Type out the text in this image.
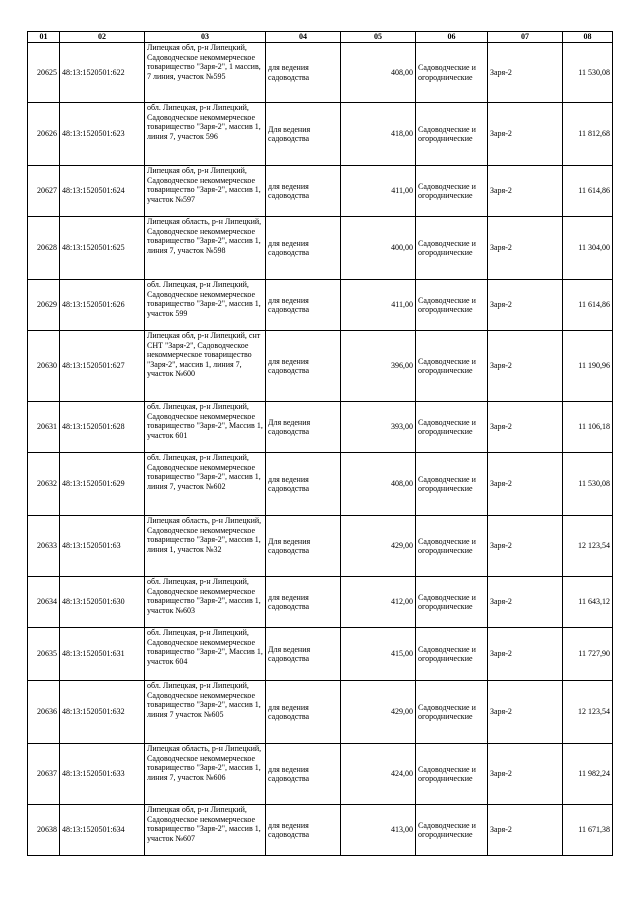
01	02	03	04	05	06	07	08
20625	48:13:1520501:622	Липецкая обл, р-н Липецкий, Садоводческое некоммерческое товарищество "Заря-2", 1 массив, 7 линия, участок №595	для ведения садоводства	408,00	Садоводческие и огороднические	Заря-2	11 530,08
20626	48:13:1520501:623	обл. Липецкая, р-н Липецкий, Садоводческое некоммерческое товарищество "Заря-2", массив 1, линия 7, участок 596	Для ведения садоводства	418,00	Садоводческие и огороднические	Заря-2	11 812,68
20627	48:13:1520501:624	Липецкая обл, р-н Липецкий, Садоводческое некоммерческое товарищество "Заря-2", массив 1, участок №597	для ведения садоводства	411,00	Садоводческие и огороднические	Заря-2	11 614,86
20628	48:13:1520501:625	Липецкая область, р-н Липецкий, Садоводческое некоммерческое товарищество "Заря-2", массив 1, линия 7, участок №598	для ведения садоводства	400,00	Садоводческие и огороднические	Заря-2	11 304,00
20629	48:13:1520501:626	обл. Липецкая, р-н Липецкий, Садоводческое некоммерческое товарищество "Заря-2", массив 1, участок 599	для ведения садоводства	411,00	Садоводческие и огороднические	Заря-2	11 614,86
20630	48:13:1520501:627	Липецкая обл, р-н Липецкий, снт СНТ "Заря-2", Садоводческое некоммерческое товарищество "Заря-2", массив 1, линия 7, участок №600	для ведения садоводства	396,00	Садоводческие и огороднические	Заря-2	11 190,96
20631	48:13:1520501:628	обл. Липецкая, р-н Липецкий, Садоводческое некоммерческое товарищество "Заря-2", Массив 1, участок 601	Для ведения садоводства	393,00	Садоводческие и огороднические	Заря-2	11 106,18
20632	48:13:1520501:629	обл. Липецкая, р-н Липецкий, Садоводческое некоммерческое товарищество "Заря-2", массив 1, линия 7, участок №602	для ведения садоводства	408,00	Садоводческие и огороднические	Заря-2	11 530,08
20633	48:13:1520501:63	Липецкая область, р-н Липецкий, Садоводческое некоммерческое товарищество "Заря-2", массив 1, линия 1, участок №32	Для ведения садоводства	429,00	Садоводческие и огороднические	Заря-2	12 123,54
20634	48:13:1520501:630	обл. Липецкая, р-н Липецкий, Садоводческое некоммерческое товарищество "Заря-2", массив 1, участок №603	для ведения садоводства	412,00	Садоводческие и огороднические	Заря-2	11 643,12
20635	48:13:1520501:631	обл. Липецкая, р-н Липецкий, Садоводческое некоммерческое товарищество "Заря-2", Массив 1, участок 604	Для ведения садоводства	415,00	Садоводческие и огороднические	Заря-2	11 727,90
20636	48:13:1520501:632	обл. Липецкая, р-н Липецкий, Садоводческое некоммерческое товарищество "Заря-2", массив 1, линия 7 участок №605	для ведения садоводства	429,00	Садоводческие и огороднические	Заря-2	12 123,54
20637	48:13:1520501:633	Липецкая область, р-н Липецкий, Садоводческое некоммерческое товарищество "Заря-2", массив 1, линия 7, участок №606	для ведения садоводства	424,00	Садоводческие и огороднические	Заря-2	11 982,24
20638	48:13:1520501:634	Липецкая обл, р-н Липецкий, Садоводческое некоммерческое товарищество "Заря-2", массив 1, участок №607	для ведения садоводства	413,00	Садоводческие и огороднические	Заря-2	11 671,38
